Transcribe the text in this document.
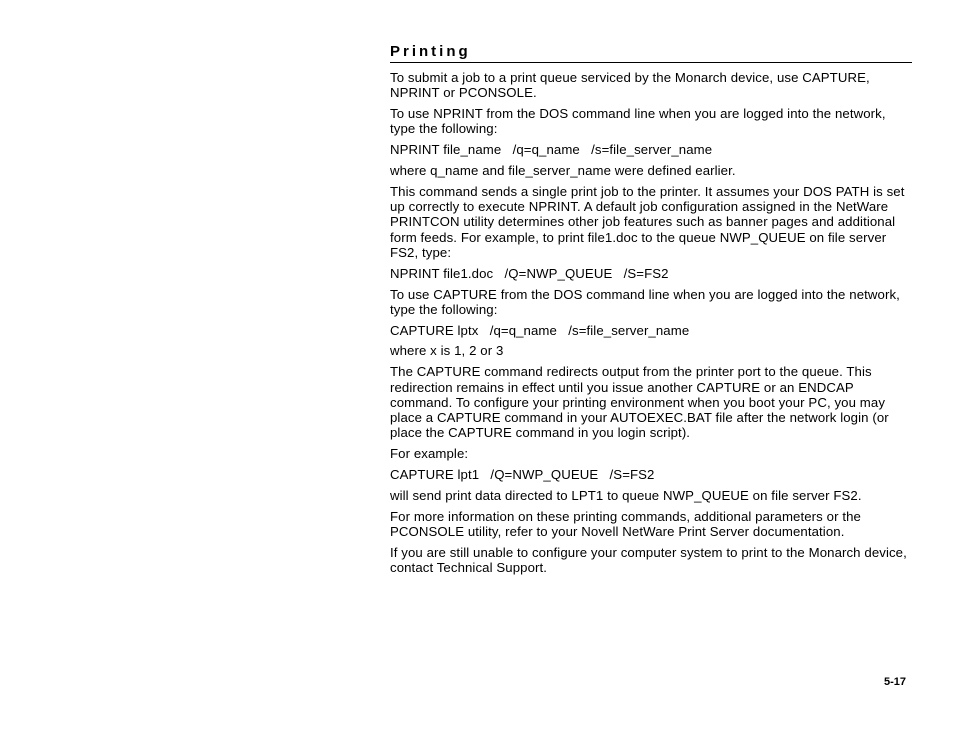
Printing

To submit a job to a print queue serviced by the Monarch device, use CAPTURE, NPRINT or PCONSOLE.

To use NPRINT from the DOS command line when you are logged into the network, type the following:

NPRINT file_name   /q=q_name   /s=file_server_name

where q_name and file_server_name were defined earlier.

This command sends a single print job to the printer. It assumes your DOS PATH is set up correctly to execute NPRINT. A default job configuration assigned in the NetWare PRINTCON utility determines other job features such as banner pages and additional form feeds. For example, to print file1.doc to the queue NWP_QUEUE on file server FS2, type:

NPRINT file1.doc   /Q=NWP_QUEUE   /S=FS2

To use CAPTURE from the DOS command line when you are logged into the network, type the following:

CAPTURE lptx   /q=q_name   /s=file_server_name

where x is 1, 2 or 3

The CAPTURE command redirects output from the printer port to the queue. This redirection remains in effect until you issue another CAPTURE or an ENDCAP command. To configure your printing environment when you boot your PC, you may place a CAPTURE command in your AUTOEXEC.BAT file after the network login (or place the CAPTURE command in you login script).

For example:

CAPTURE lpt1   /Q=NWP_QUEUE   /S=FS2

will send print data directed to LPT1 to queue NWP_QUEUE on file server FS2.

For more information on these printing commands, additional parameters or the PCONSOLE utility, refer to your Novell NetWare Print Server documentation.

If you are still unable to configure your computer system to print to the Monarch device, contact Technical Support.

5-17
